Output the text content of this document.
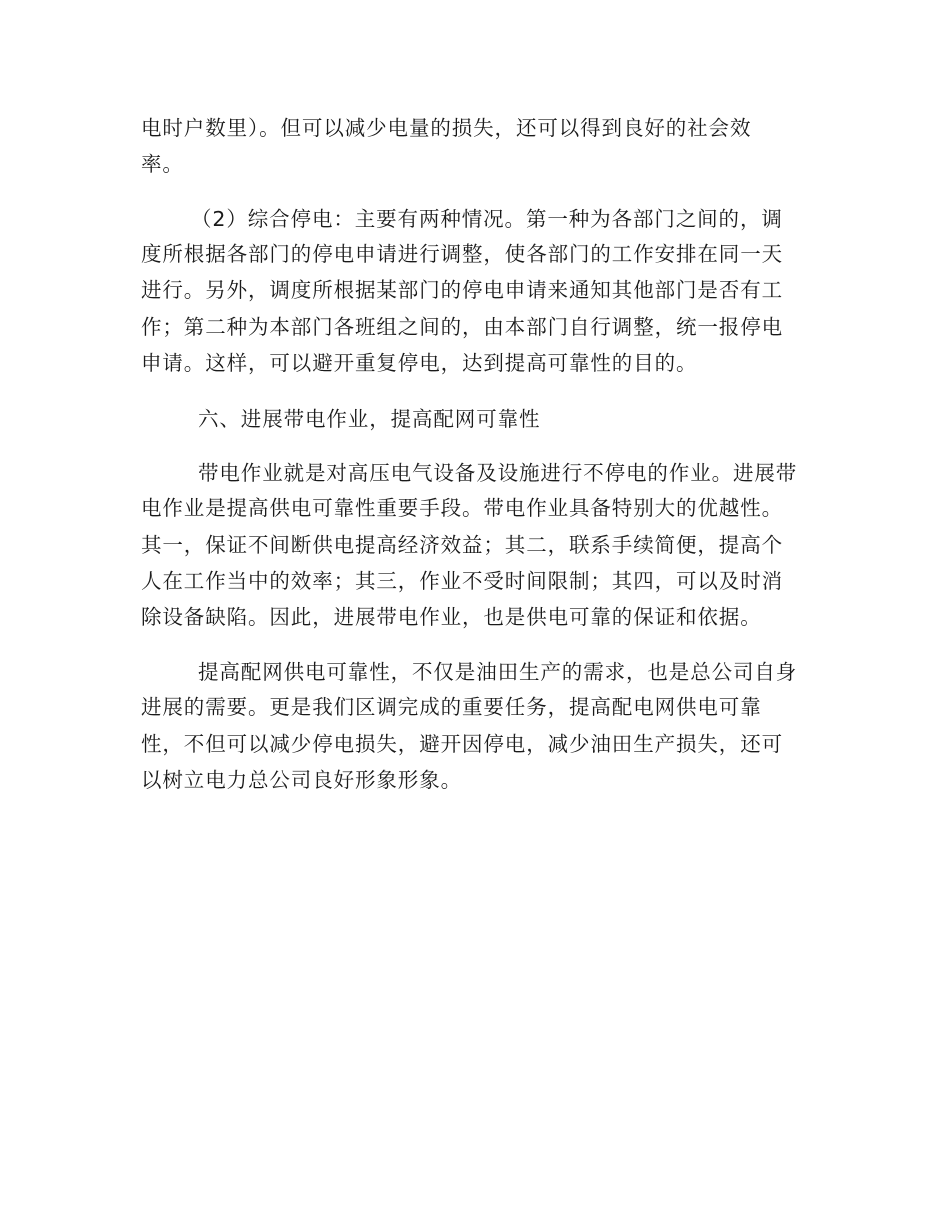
电时户数里）。但可以减少电量的损失，还可以得到良好的社会效
率。
（2）综合停电：主要有两种情况。第一种为各部门之间的，调
度所根据各部门的停电申请进行调整，使各部门的工作安排在同一天
进行。另外，调度所根据某部门的停电申请来通知其他部门是否有工
作；第二种为本部门各班组之间的，由本部门自行调整，统一报停电
申请。这样，可以避开重复停电，达到提高可靠性的目的。
六、进展带电作业，提高配网可靠性
带电作业就是对高压电气设备及设施进行不停电的作业。进展带
电作业是提高供电可靠性重要手段。带电作业具备特别大的优越性。
其一，保证不间断供电提高经济效益；其二，联系手续简便，提高个
人在工作当中的效率；其三，作业不受时间限制；其四，可以及时消
除设备缺陷。因此，进展带电作业，也是供电可靠的保证和依据。
提高配网供电可靠性，不仅是油田生产的需求，也是总公司自身
进展的需要。更是我们区调完成的重要任务，提高配电网供电可靠
性，不但可以减少停电损失，避开因停电，减少油田生产损失，还可
以树立电力总公司良好形象形象。
